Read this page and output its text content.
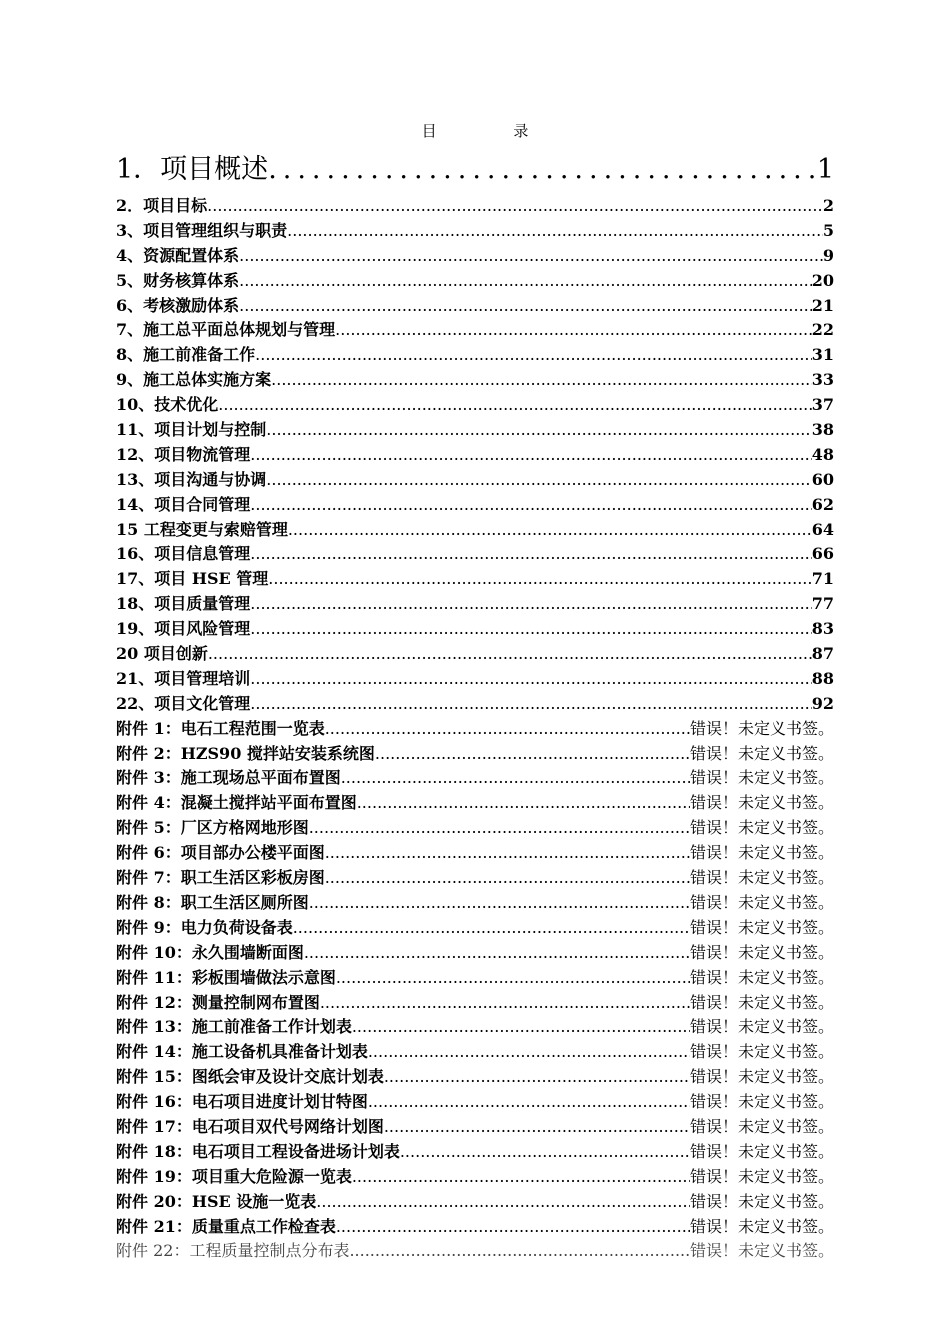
目 录
1．项目概述 .....	1
2．项目目标 .....	2
3、项目管理组织与职责 .....	5
4、资源配置体系 .....	9
5、财务核算体系 .....	20
6、考核激励体系 .....	21
7、施工总平面总体规划与管理 .....	22
8、施工前准备工作 .....	31
9、施工总体实施方案 .....	33
10、技术优化 .....	37
11、项目计划与控制 .....	38
12、项目物流管理 .....	48
13、项目沟通与协调 .....	60
14、项目合同管理 .....	62
15 工程变更与索赔管理 .....	64
16、项目信息管理 .....	66
17、项目 HSE 管理 .....	71
18、项目质量管理 .....	77
19、项目风险管理 .....	83
20 项目创新 .....	87
21、项目管理培训 .....	88
22、项目文化管理 .....	92
附件 1：电石工程范围一览表 .....	错误！未定义书签。
附件 2：HZS90 搅拌站安装系统图 .....	错误！未定义书签。
附件 3：施工现场总平面布置图 .....	错误！未定义书签。
附件 4：混凝土搅拌站平面布置图 .....	错误！未定义书签。
附件 5：厂区方格网地形图 .....	错误！未定义书签。
附件 6：项目部办公楼平面图 .....	错误！未定义书签。
附件 7：职工生活区彩板房图 .....	错误！未定义书签。
附件 8：职工生活区厕所图 .....	错误！未定义书签。
附件 9：电力负荷设备表 .....	错误！未定义书签。
附件 10：永久围墙断面图 .....	错误！未定义书签。
附件 11：彩板围墙做法示意图 .....	错误！未定义书签。
附件 12：测量控制网布置图 .....	错误！未定义书签。
附件 13：施工前准备工作计划表 .....	错误！未定义书签。
附件 14：施工设备机具准备计划表 .....	错误！未定义书签。
附件 15：图纸会审及设计交底计划表 .....	错误！未定义书签。
附件 16：电石项目进度计划甘特图 .....	错误！未定义书签。
附件 17：电石项目双代号网络计划图 .....	错误！未定义书签。
附件 18：电石项目工程设备进场计划表 .....	错误！未定义书签。
附件 19：项目重大危险源一览表 .....	错误！未定义书签。
附件 20：HSE 设施一览表 .....	错误！未定义书签。
附件 21：质量重点工作检查表 .....	错误！未定义书签。
附件 22：工程质量控制点分布表 .....	错误！未定义书签。
